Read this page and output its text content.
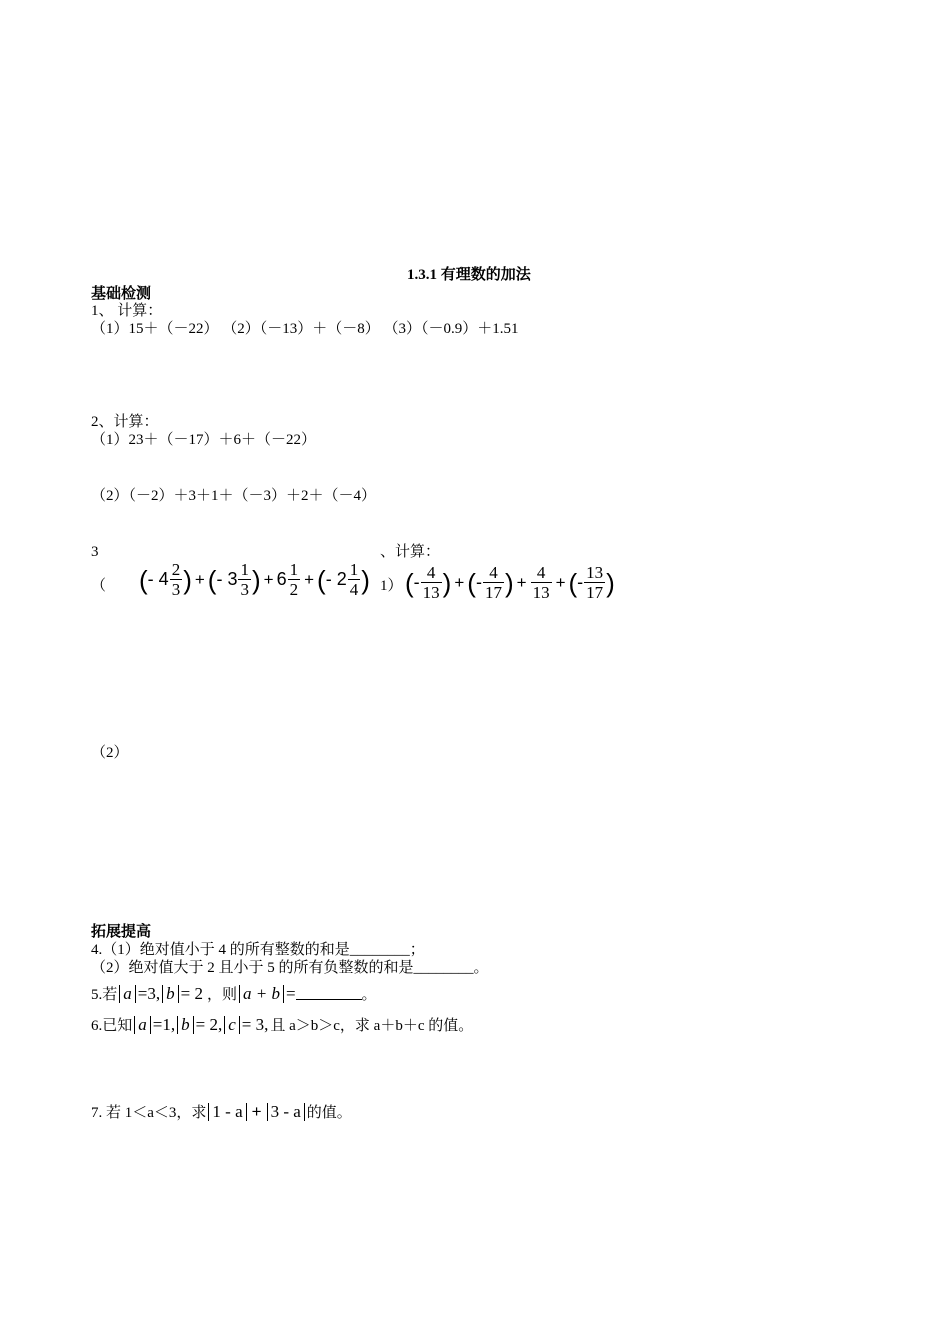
1.3.1 有理数的加法
基础检测
1、 计算：
（1）15＋（－22） （2）（－13）＋（－8） （3）（－0.9）＋1.51
2、计算：
（1）23＋（－17）＋6＋（－22）
（2）（－2）＋3＋1＋（－3）＋2＋（－4）
3	、计算：
（	1）
( - $4 \frac{2}{3}$ ) + ( - $3 \frac{1}{3}$ ) + $6 \frac{1}{2}$ + ( - $2 \frac{1}{4}$ ) ( - $\frac{4}{13}$ ) + ( - $\frac{4}{17}$ ) + $\frac{4}{13}$ + ( - $\frac{13}{17}$ )
（2）
拓展提高
4.（1）绝对值小于 4 的所有整数的和是________；
（2）绝对值大于 2 且小于 5 的所有负整数的和是________。
5.若 a =3, b = 2 ，则 a + b =	。
6.已知 a =1, b = 2, c = 3, 且 a＞b＞c，求 a＋b＋c 的值。
7. 若 1＜a＜3，求 1 - a + 3 - a 的值。
